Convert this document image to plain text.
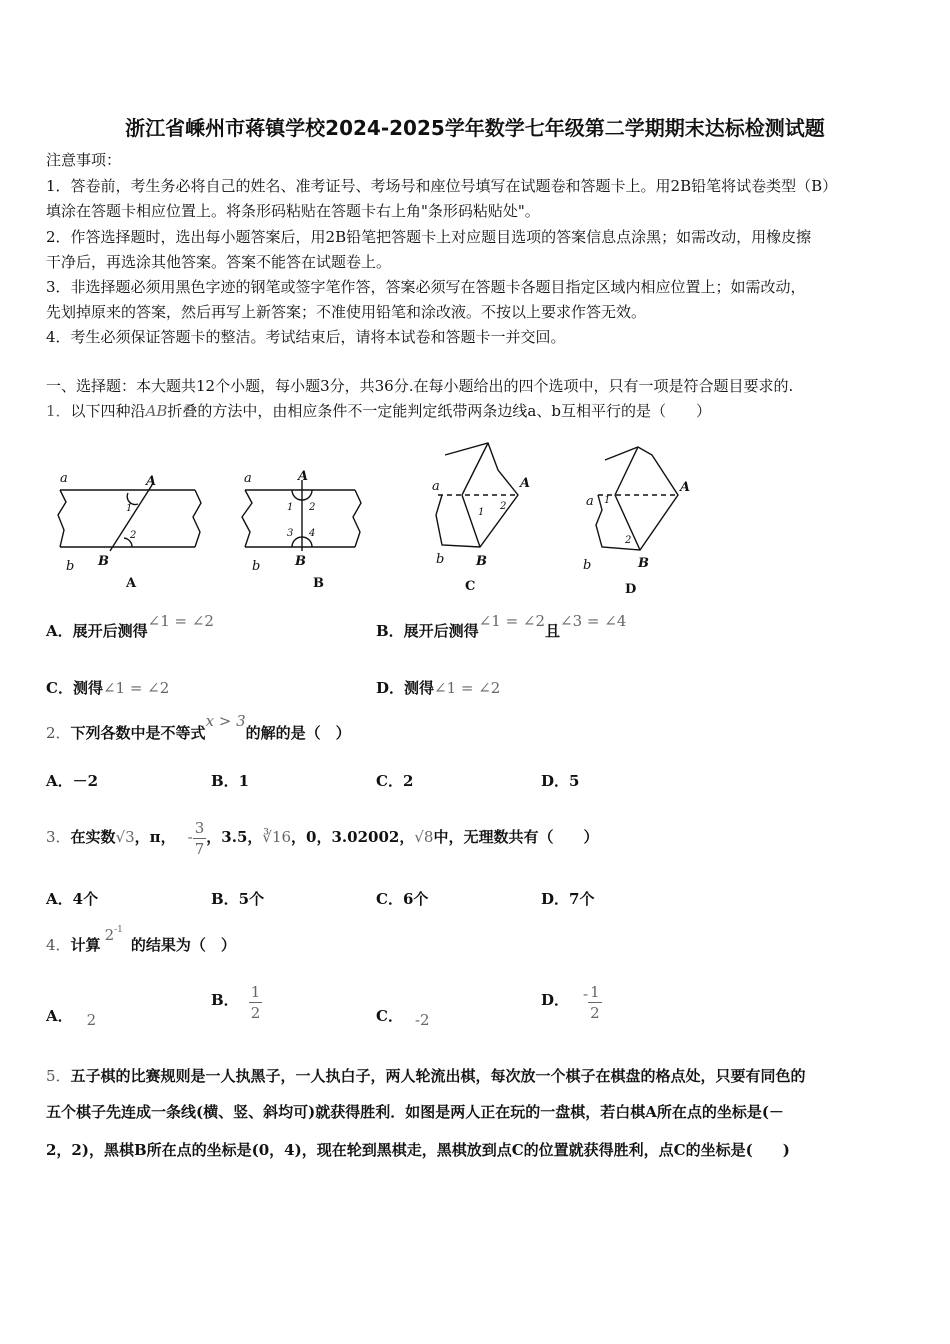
浙江省嵊州市蒋镇学校2024-2025学年数学七年级第二学期期末达标检测试题
注意事项：
1．答卷前，考生务必将自己的姓名、准考证号、考场号和座位号填写在试题卷和答题卡上。用2B铅笔将试卷类型（B）
填涂在答题卡相应位置上。将条形码粘贴在答题卡右上角"条形码粘贴处"。
2．作答选择题时，选出每小题答案后，用2B铅笔把答题卡上对应题目选项的答案信息点涂黑；如需改动，用橡皮擦
干净后，再选涂其他答案。答案不能答在试题卷上。
3．非选择题必须用黑色字迹的钢笔或签字笔作答，答案必须写在答题卡各题目指定区域内相应位置上；如需改动，
先划掉原来的答案，然后再写上新答案；不准使用铅笔和涂改液。不按以上要求作答无效。
4．考生必须保证答题卡的整洁。考试结束后，请将本试卷和答题卡一并交回。
一、选择题：本大题共12个小题，每小题3分，共36分.在每小题给出的四个选项中，只有一项是符合题目要求的.
1．以下四种沿AB折叠的方法中，由相应条件不一定能判定纸带两条边线a、b互相平行的是（　　）
a
b
A
B
1
2
A
a
b
A
B
1 2
3 4
B
a
b
A
B
1
2
C
a
b
A
B
1
2
D
A．展开后测得∠1 = ∠2
B．展开后测得∠1 = ∠2且∠3 = ∠4
C．测得∠1 = ∠2	D．测得∠1 = ∠2
2．下列各数中是不等式x > 3的解的是（　）
A．－2	B．1	C．2	D．5
3．在实数√3，π， - $\frac{3}{7}$ ，3.5，∛16，0，3.02002，√8中，无理数共有（　　）
A．4个	B．5个	C．6个	D．7个
4．计算$2^{-1}$的结果为（　）
A． 2
B． $\frac{1}{2}$	C． -2
D． - $\frac{1}{2}$
5．五子棋的比赛规则是一人执黑子，一人执白子，两人轮流出棋，每次放一个棋子在棋盘的格点处，只要有同色的
五个棋子先连成一条线(横、竖、斜均可)就获得胜利．如图是两人正在玩的一盘棋，若白棋A所在点的坐标是(－
2，2)，黑棋B所在点的坐标是(0，4)，现在轮到黑棋走，黑棋放到点C的位置就获得胜利，点C的坐标是(　　)
